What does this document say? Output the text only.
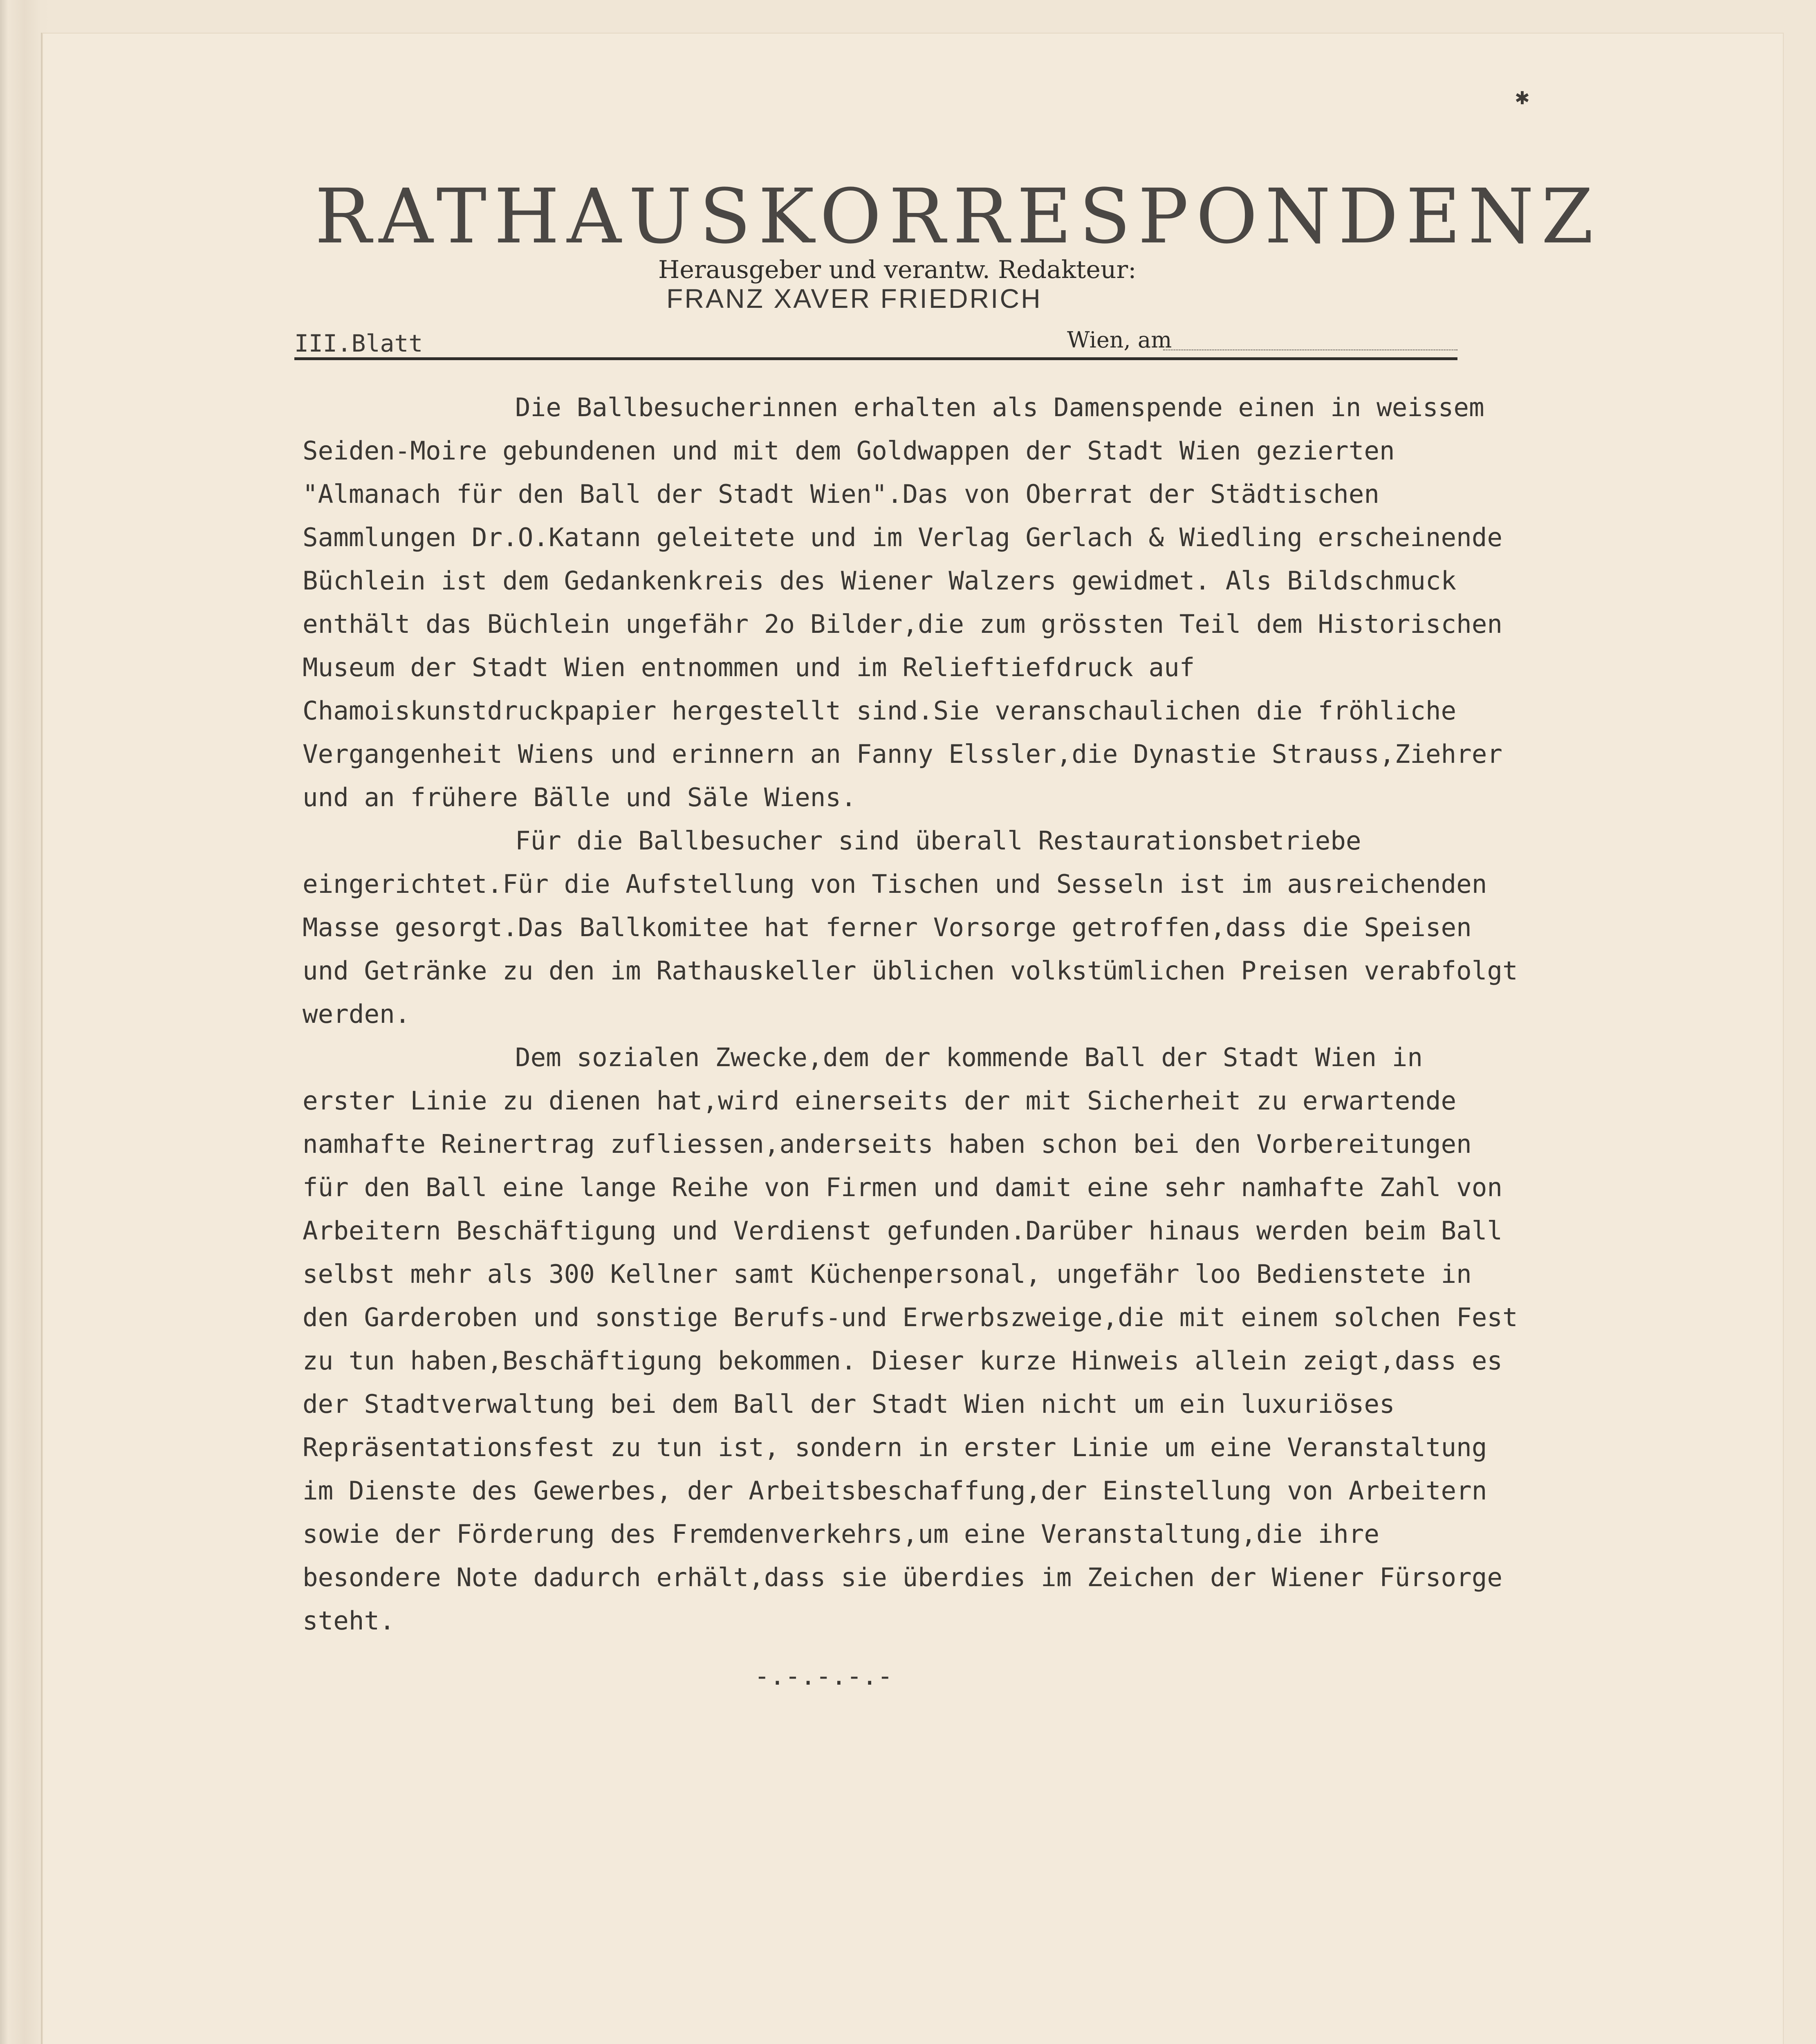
✱
RATHAUSKORRESPONDENZ
Herausgeber und verantw. Redakteur:
FRANZ XAVER FRIEDRICH
III.Blatt	Wien, am

Die Ballbesucherinnen erhalten als Damenspende einen in weissem Seiden-Moire gebundenen und mit dem Goldwappen der Stadt Wien gezierten "Almanach für den Ball der Stadt Wien".Das von Oberrat der Städtischen Sammlungen Dr.O.Katann geleitete und im Verlag Gerlach & Wiedling erscheinende Büchlein ist dem Gedankenkreis des Wiener Walzers gewidmet. Als Bildschmuck enthält das Büchlein ungefähr 2o Bilder,die zum grössten Teil dem Historischen Museum der Stadt Wien entnommen und im Relieftiefdruck auf Chamoiskunstdruckpapier hergestellt sind.Sie veranschaulichen die fröhliche Vergangenheit Wiens und erinnern an Fanny Elssler,die Dynastie Strauss,Ziehrer und an frühere Bälle und Säle Wiens.

Für die Ballbesucher sind überall Restaurationsbetriebe eingerichtet.Für die Aufstellung von Tischen und Sesseln ist im ausreichenden Masse gesorgt.Das Ballkomitee hat ferner Vorsorge getroffen,dass die Speisen und Getränke zu den im Rathauskeller üblichen volkstümlichen Preisen verabfolgt werden.

Dem sozialen Zwecke,dem der kommende Ball der Stadt Wien in erster Linie zu dienen hat,wird einerseits der mit Sicherheit zu erwartende namhafte Reinertrag zufliessen,anderseits haben schon bei den Vorbereitungen für den Ball eine lange Reihe von Firmen und damit eine sehr namhafte Zahl von Arbeitern Beschäftigung und Verdienst gefunden.Darüber hinaus werden beim Ball selbst mehr als 300 Kellner samt Küchenpersonal, ungefähr loo Bedienstete in den Garderoben und sonstige Berufs-und Erwerbszweige,die mit einem solchen Fest zu tun haben,Beschäftigung bekommen. Dieser kurze Hinweis allein zeigt,dass es der Stadtverwaltung bei dem Ball der Stadt Wien nicht um ein luxuriöses Repräsentationsfest zu tun ist, sondern in erster Linie um eine Veranstaltung im Dienste des Gewerbes, der Arbeitsbeschaffung,der Einstellung von Arbeitern sowie der Förderung des Fremdenverkehrs,um eine Veranstaltung,die ihre besondere Note dadurch erhält,dass sie überdies im Zeichen der Wiener Fürsorge steht.

-.-.-.-.-
